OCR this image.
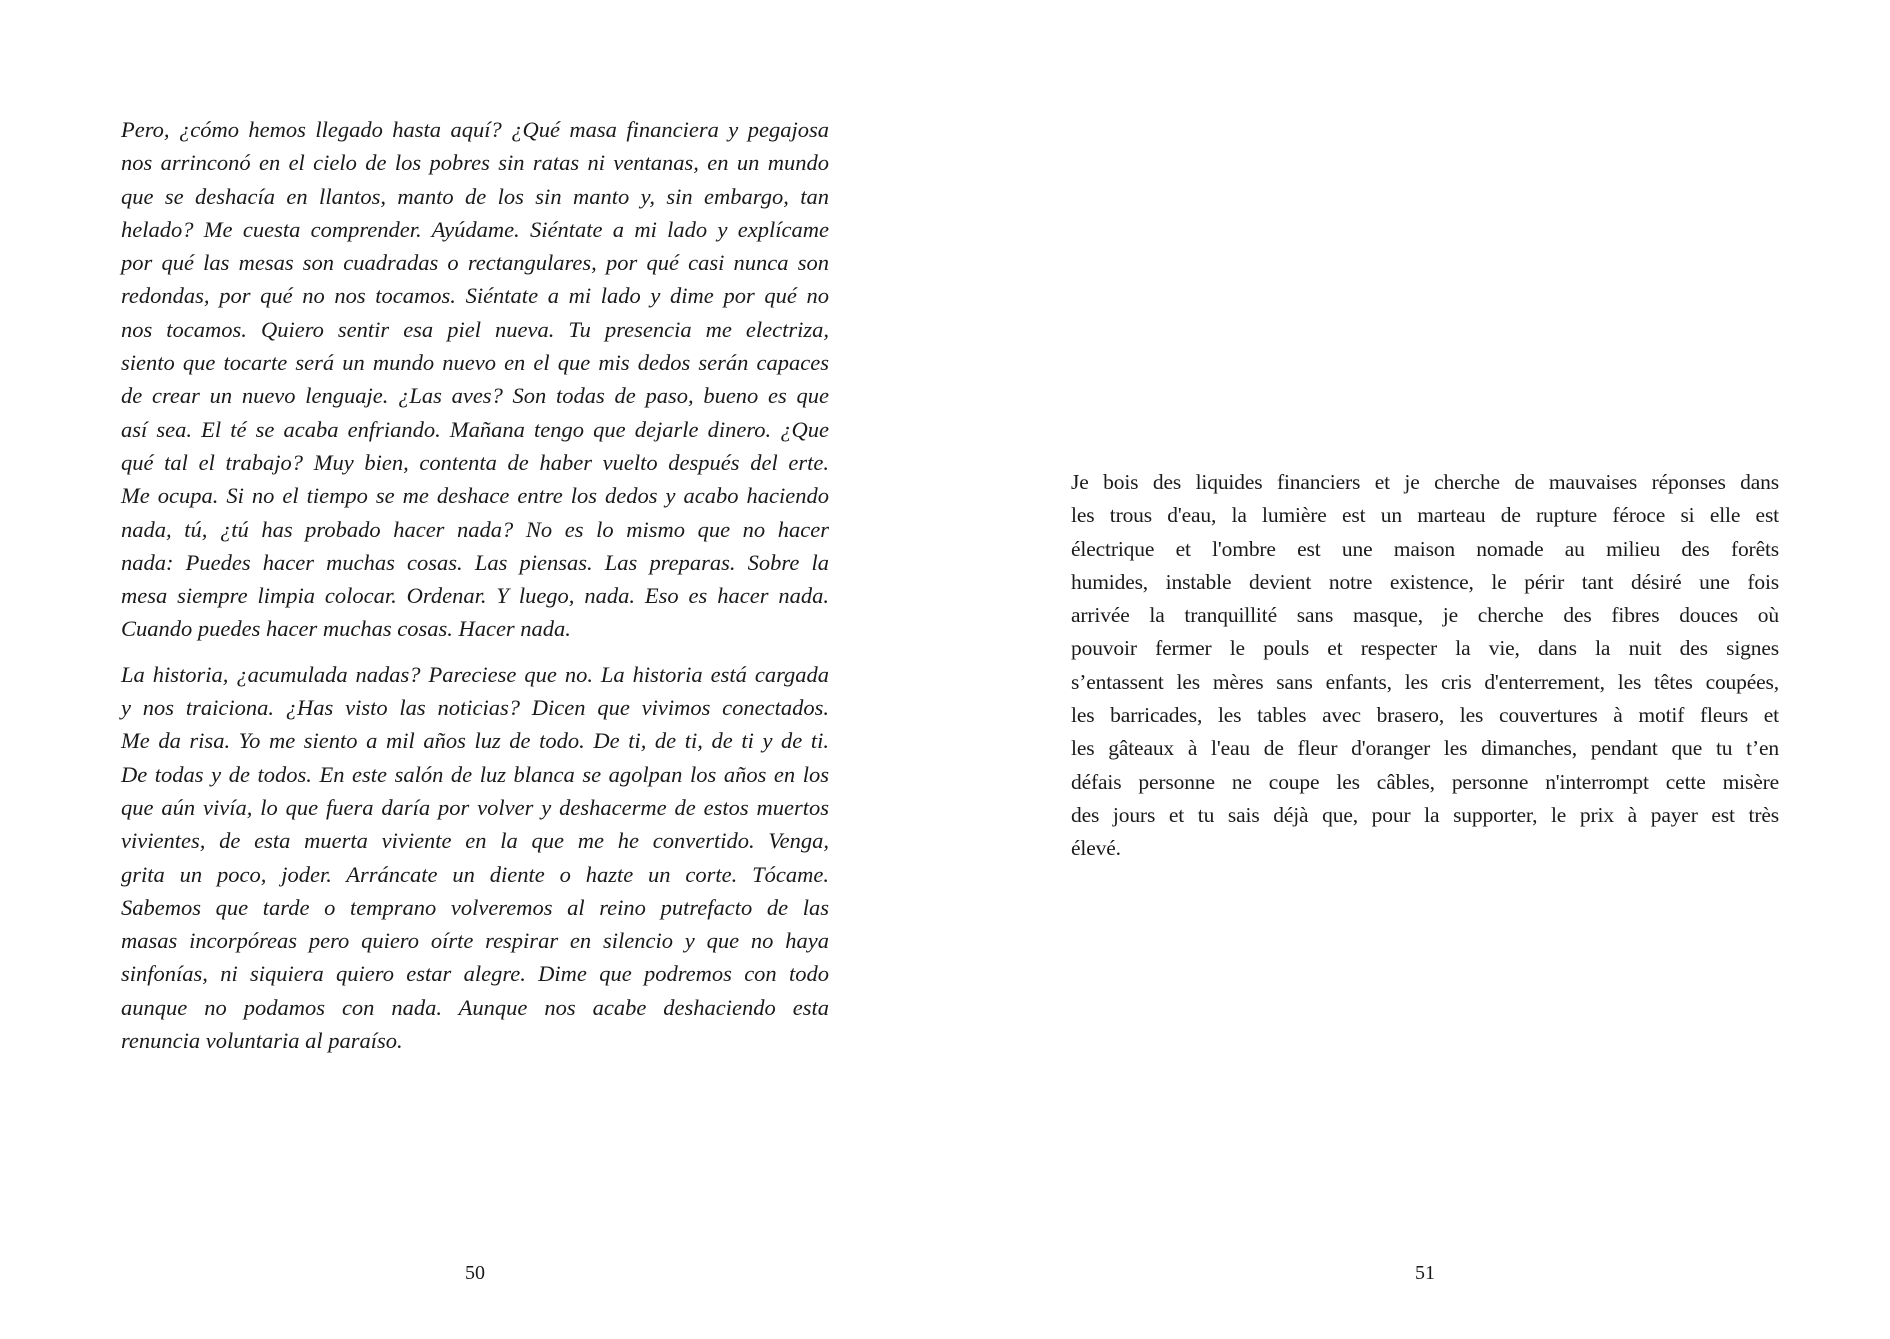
Pero, ¿cómo hemos llegado hasta aquí? ¿Qué masa financiera y pegajosa
nos arrinconó en el cielo de los pobres sin ratas ni ventanas, en un mundo
que se deshacía en llantos, manto de los sin manto y, sin embargo, tan
helado? Me cuesta comprender. Ayúdame. Siéntate a mi lado y explícame
por qué las mesas son cuadradas o rectangulares, por qué casi nunca son
redondas, por qué no nos tocamos. Siéntate a mi lado y dime por qué no
nos tocamos. Quiero sentir esa piel nueva. Tu presencia me electriza,
siento que tocarte será un mundo nuevo en el que mis dedos serán capaces
de crear un nuevo lenguaje. ¿Las aves? Son todas de paso, bueno es que
así sea. El té se acaba enfriando. Mañana tengo que dejarle dinero. ¿Que
qué tal el trabajo? Muy bien, contenta de haber vuelto después del erte.
Me ocupa. Si no el tiempo se me deshace entre los dedos y acabo haciendo
nada, tú, ¿tú has probado hacer nada? No es lo mismo que no hacer
nada: Puedes hacer muchas cosas. Las piensas. Las preparas. Sobre la
mesa siempre limpia colocar. Ordenar. Y luego, nada. Eso es hacer nada.
Cuando puedes hacer muchas cosas. Hacer nada.
La historia, ¿acumulada nadas? Pareciese que no. La historia está cargada
y nos traiciona. ¿Has visto las noticias? Dicen que vivimos conectados.
Me da risa. Yo me siento a mil años luz de todo. De ti, de ti, de ti y de ti.
De todas y de todos. En este salón de luz blanca se agolpan los años en los
que aún vivía, lo que fuera daría por volver y deshacerme de estos muertos
vivientes, de esta muerta viviente en la que me he convertido. Venga,
grita un poco, joder. Arráncate un diente o hazte un corte. Tócame.
Sabemos que tarde o temprano volveremos al reino putrefacto de las
masas incorpóreas pero quiero oírte respirar en silencio y que no haya
sinfonías, ni siquiera quiero estar alegre. Dime que podremos con todo
aunque no podamos con nada. Aunque nos acabe deshaciendo esta
renuncia voluntaria al paraíso.
50
Je bois des liquides financiers et je cherche de mauvaises réponses dans
les trous d'eau, la lumière est un marteau de rupture féroce si elle est
électrique et l'ombre est une maison nomade au milieu des forêts
humides, instable devient notre existence, le périr tant désiré une fois
arrivée la tranquillité sans masque, je cherche des fibres douces où
pouvoir fermer le pouls et respecter la vie, dans la nuit des signes
s’entassent les mères sans enfants, les cris d'enterrement, les têtes coupées,
les barricades, les tables avec brasero, les couvertures à motif fleurs et
les gâteaux à l'eau de fleur d'oranger les dimanches, pendant que tu t’en
défais personne ne coupe les câbles, personne n'interrompt cette misère
des jours et tu sais déjà que, pour la supporter, le prix à payer est très
élevé.
51
